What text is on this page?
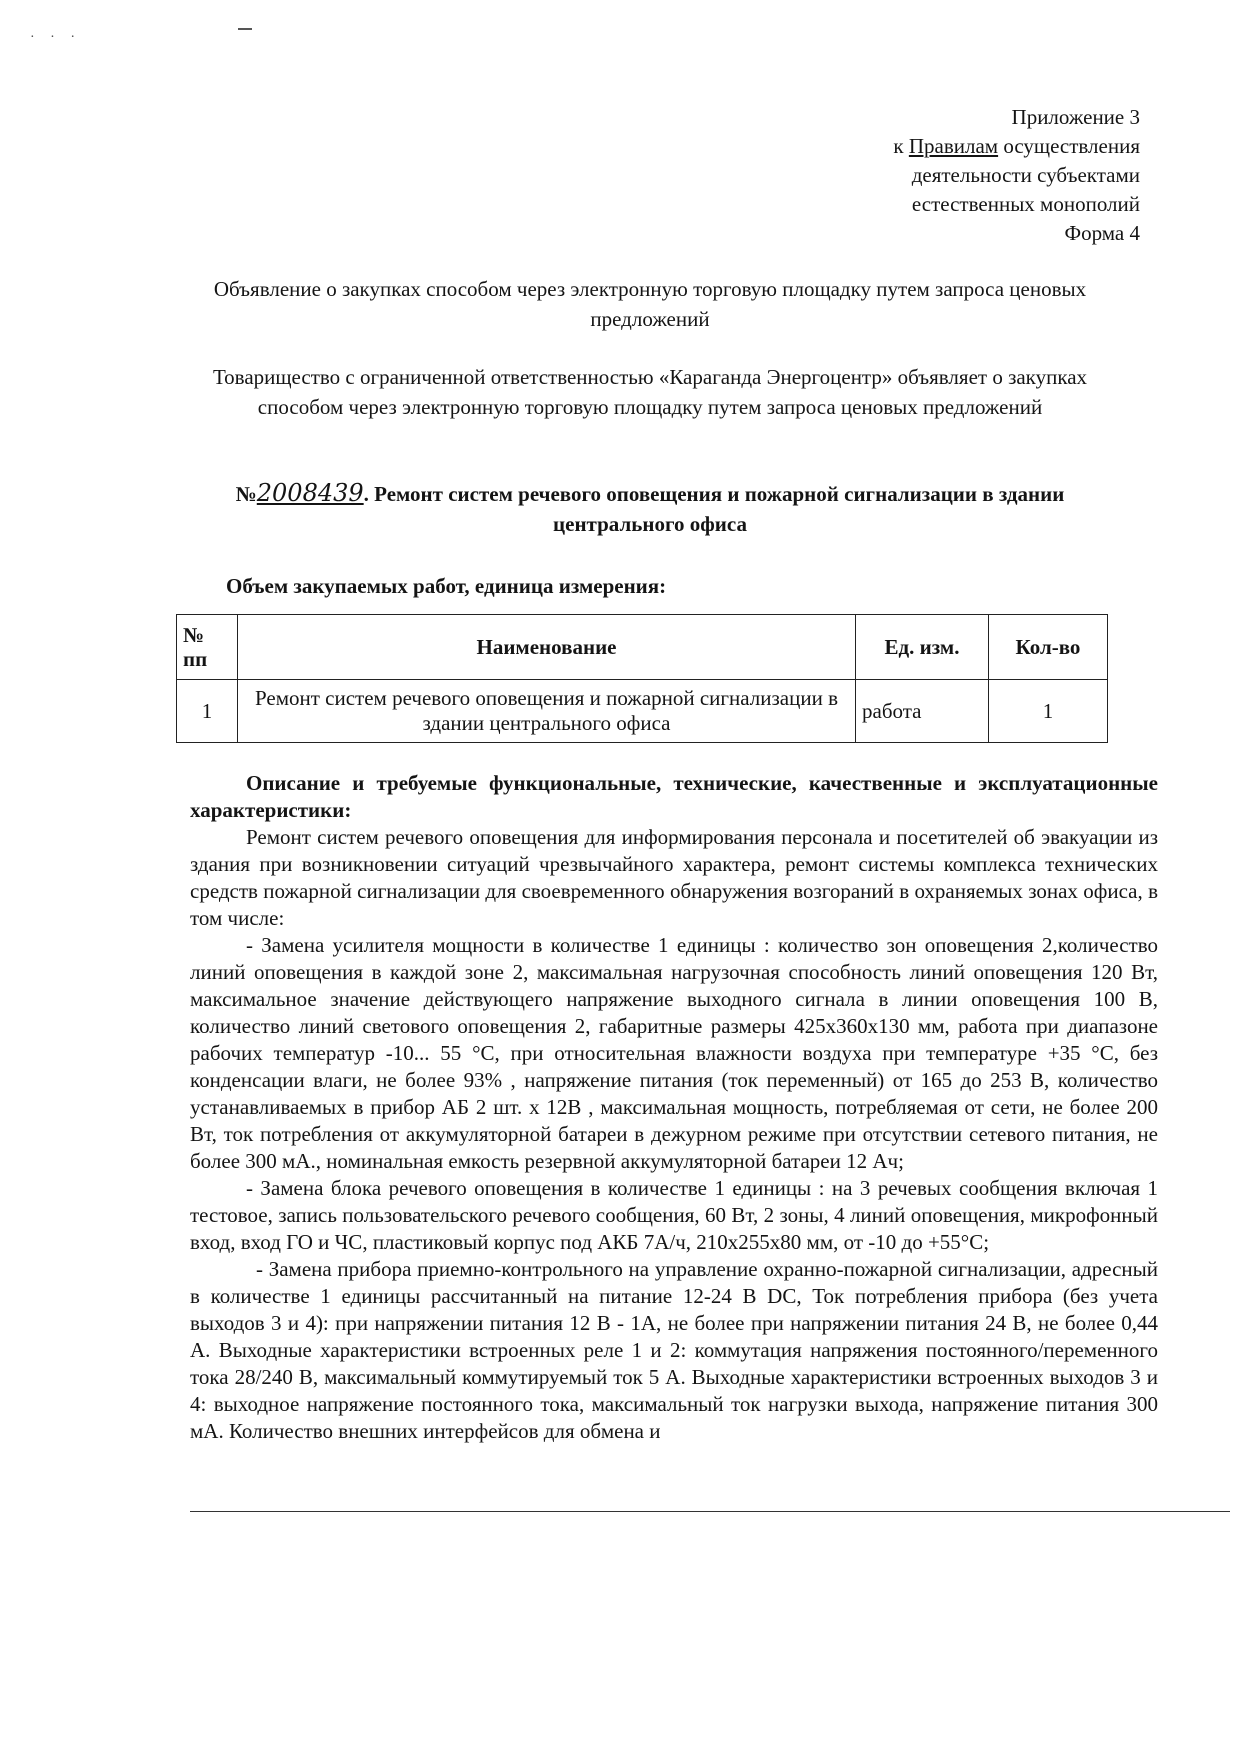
· · ·
Приложение 3
к Правилам осуществления
деятельности субъектами
естественных монополий
Форма 4
Объявление о закупках способом через электронную торговую площадку путем запроса ценовых предложений
Товарищество с ограниченной ответственностью «Караганда Энергоцентр» объявляет о закупках способом через электронную торговую площадку путем запроса ценовых предложений
№2008439. Ремонт систем речевого оповещения и пожарной сигнализации в здании центрального офиса
Объем закупаемых работ, единица измерения:
№ пп	Наименование	Ед. изм.	Кол-во
1	Ремонт систем речевого оповещения и пожарной сигнализации в здании центрального офиса	работа	1

Описание и требуемые функциональные, технические, качественные и эксплуатационные характеристики:

Ремонт систем речевого оповещения для информирования персонала и посетителей об эвакуации из здания при возникновении ситуаций чрезвычайного характера, ремонт системы комплекса технических средств пожарной сигнализации для своевременного обнаружения возгораний в охраняемых зонах офиса, в том числе:

- Замена усилителя мощности в количестве 1 единицы : количество зон оповещения 2,количество линий оповещения в каждой зоне 2, максимальная нагрузочная способность линий оповещения 120 Вт, максимальное значение действующего напряжение выходного сигнала в линии оповещения 100 В, количество линий светового оповещения 2, габаритные размеры 425х360х130 мм, работа при диапазоне рабочих температур -10... 55 °С, при относительная влажности воздуха при температуре +35 °С, без конденсации влаги, не более 93% , напряжение питания (ток переменный) от 165 до 253 В, количество устанавливаемых в прибор АБ 2 шт. х 12В , максимальная мощность, потребляемая от сети, не более 200 Вт, ток потребления от аккумуляторной батареи в дежурном режиме при отсутствии сетевого питания, не более 300 мА., номинальная емкость резервной аккумуляторной батареи 12 Ач;

- Замена блока речевого оповещения в количестве 1 единицы : на 3 речевых сообщения включая 1 тестовое, запись пользовательского речевого сообщения, 60 Вт, 2 зоны, 4 линий оповещения, микрофонный вход, вход ГО и ЧС, пластиковый корпус под АКБ 7А/ч, 210х255х80 мм, от -10 до +55°С;

- Замена прибора приемно-контрольного на управление охранно-пожарной сигнализации, адресный в количестве 1 единицы рассчитанный на питание 12-24 В DC, Ток потребления прибора (без учета выходов 3 и 4): при напряжении питания 12 В - 1А, не более при напряжении питания 24 В, не более 0,44 А. Выходные характеристики встроенных реле 1 и 2: коммутация напряжения постоянного/переменного тока 28/240 В, максимальный коммутируемый ток 5 А. Выходные характеристики встроенных выходов 3 и 4: выходное напряжение постоянного тока, максимальный ток нагрузки выхода, напряжение питания 300 мА. Количество внешних интерфейсов для обмена и
